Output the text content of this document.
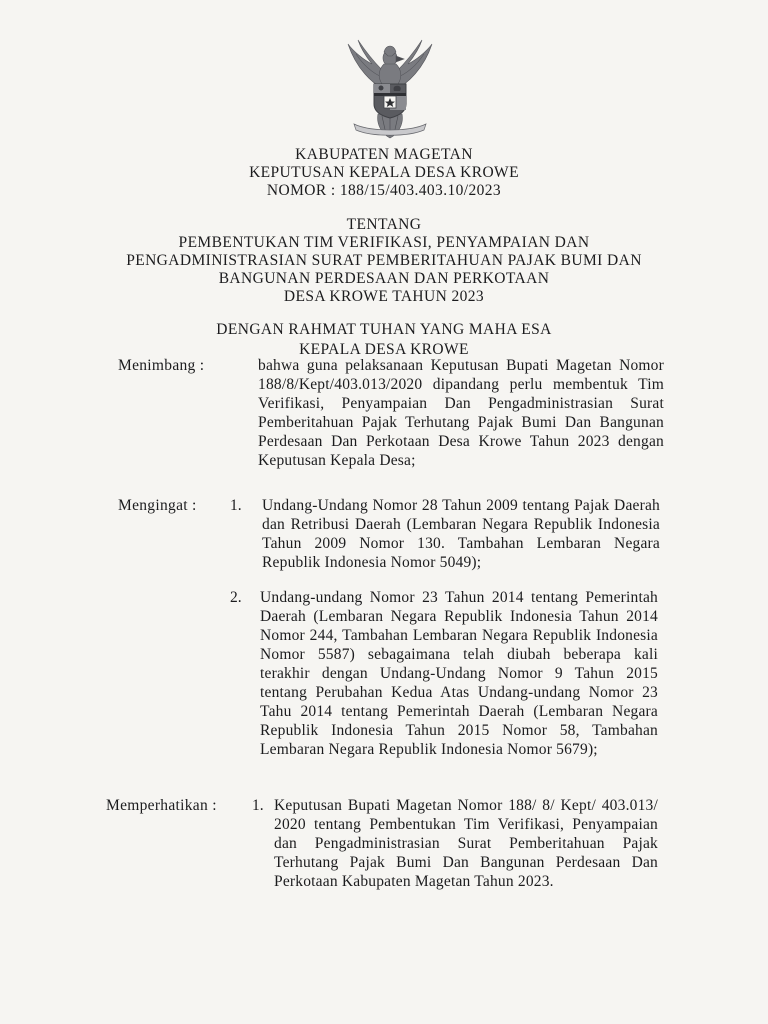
KABUPATEN MAGETAN
KEPUTUSAN KEPALA DESA KROWE
NOMOR : 188/15/403.403.10/2023
TENTANG
PEMBENTUKAN TIM VERIFIKASI, PENYAMPAIAN DAN
PENGADMINISTRASIAN SURAT PEMBERITAHUAN PAJAK BUMI DAN
BANGUNAN PERDESAAN DAN PERKOTAAN
DESA KROWE TAHUN 2023
DENGAN RAHMAT TUHAN YANG MAHA ESA
KEPALA DESA KROWE
Menimbang :	bahwa guna pelaksanaan Keputusan Bupati Magetan Nomor 188/8/Kept/403.013/2020 dipandang perlu membentuk Tim Verifikasi, Penyampaian Dan Pengadministrasian Surat Pemberitahuan Pajak Terhutang Pajak Bumi Dan Bangunan Perdesaan Dan Perkotaan Desa Krowe Tahun 2023 dengan Keputusan Kepala Desa;
Mengingat : 1. Undang-Undang Nomor 28 Tahun 2009 tentang Pajak Daerah dan Retribusi Daerah (Lembaran Negara Republik Indonesia Tahun 2009 Nomor 130. Tambahan Lembaran Negara Republik Indonesia Nomor 5049);
2. Undang-undang Nomor 23 Tahun 2014 tentang Pemerintah Daerah (Lembaran Negara Republik Indonesia Tahun 2014 Nomor 244, Tambahan Lembaran Negara Republik Indonesia Nomor 5587) sebagaimana telah diubah beberapa kali terakhir dengan Undang-Undang Nomor 9 Tahun 2015 tentang Perubahan Kedua Atas Undang-undang Nomor 23 Tahu 2014 tentang Pemerintah Daerah (Lembaran Negara Republik Indonesia Tahun 2015 Nomor 58, Tambahan Lembaran Negara Republik Indonesia Nomor 5679);
Memperhatikan : 1. Keputusan Bupati Magetan Nomor 188/ 8/ Kept/ 403.013/ 2020 tentang Pembentukan Tim Verifikasi, Penyampaian dan Pengadministrasian Surat Pemberitahuan Pajak Terhutang Pajak Bumi Dan Bangunan Perdesaan Dan Perkotaan Kabupaten Magetan Tahun 2023.
